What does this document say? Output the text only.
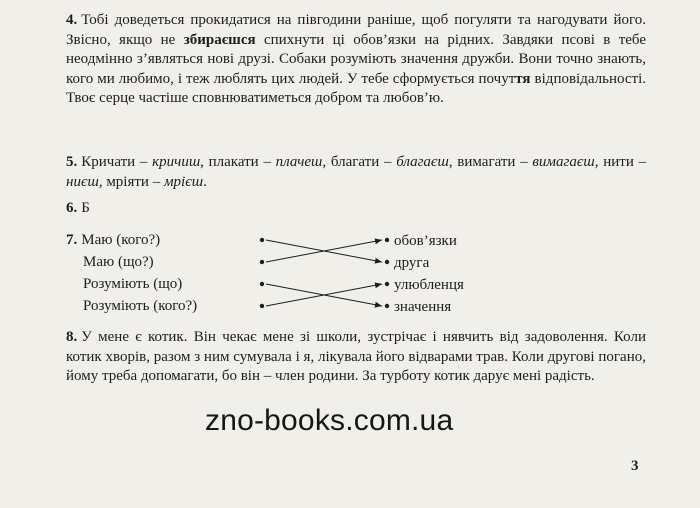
4. Тобі доведеться прокидатися на півгодини раніше, щоб погуляти та нагодувати його. Звісно, якщо не збираєшся спихнути ці обов’язки на рідних. Завдяки псові в тебе неодмінно з’являться нові друзі. Собаки розуміють значення дружби. Вони точно знають, кого ми любимо, і теж люблять цих людей. У тебе сформується почуття відповідальності. Твоє серце частіше сповнюватиметься добром та любов’ю.
5. Кричати – кричиш, плакати – плачеш, благати – благаєш, вимагати – вимагаєш, нити – ниєш, мріяти – мрієш.
6. Б
7. Маю (кого?)
Маю (що?)
Розуміють (що)
Розуміють (кого?)
обов’язки
друга
улюбленця
значення
8. У мене є котик. Він чекає мене зі школи, зустрічає і нявчить від задоволення. Коли котик хворів, разом з ним сумувала і я, лікувала його відварами трав. Коли другові погано, йому треба допомагати, бо він – член родини. За турботу котик дарує мені радість.
zno-books.com.ua
3
